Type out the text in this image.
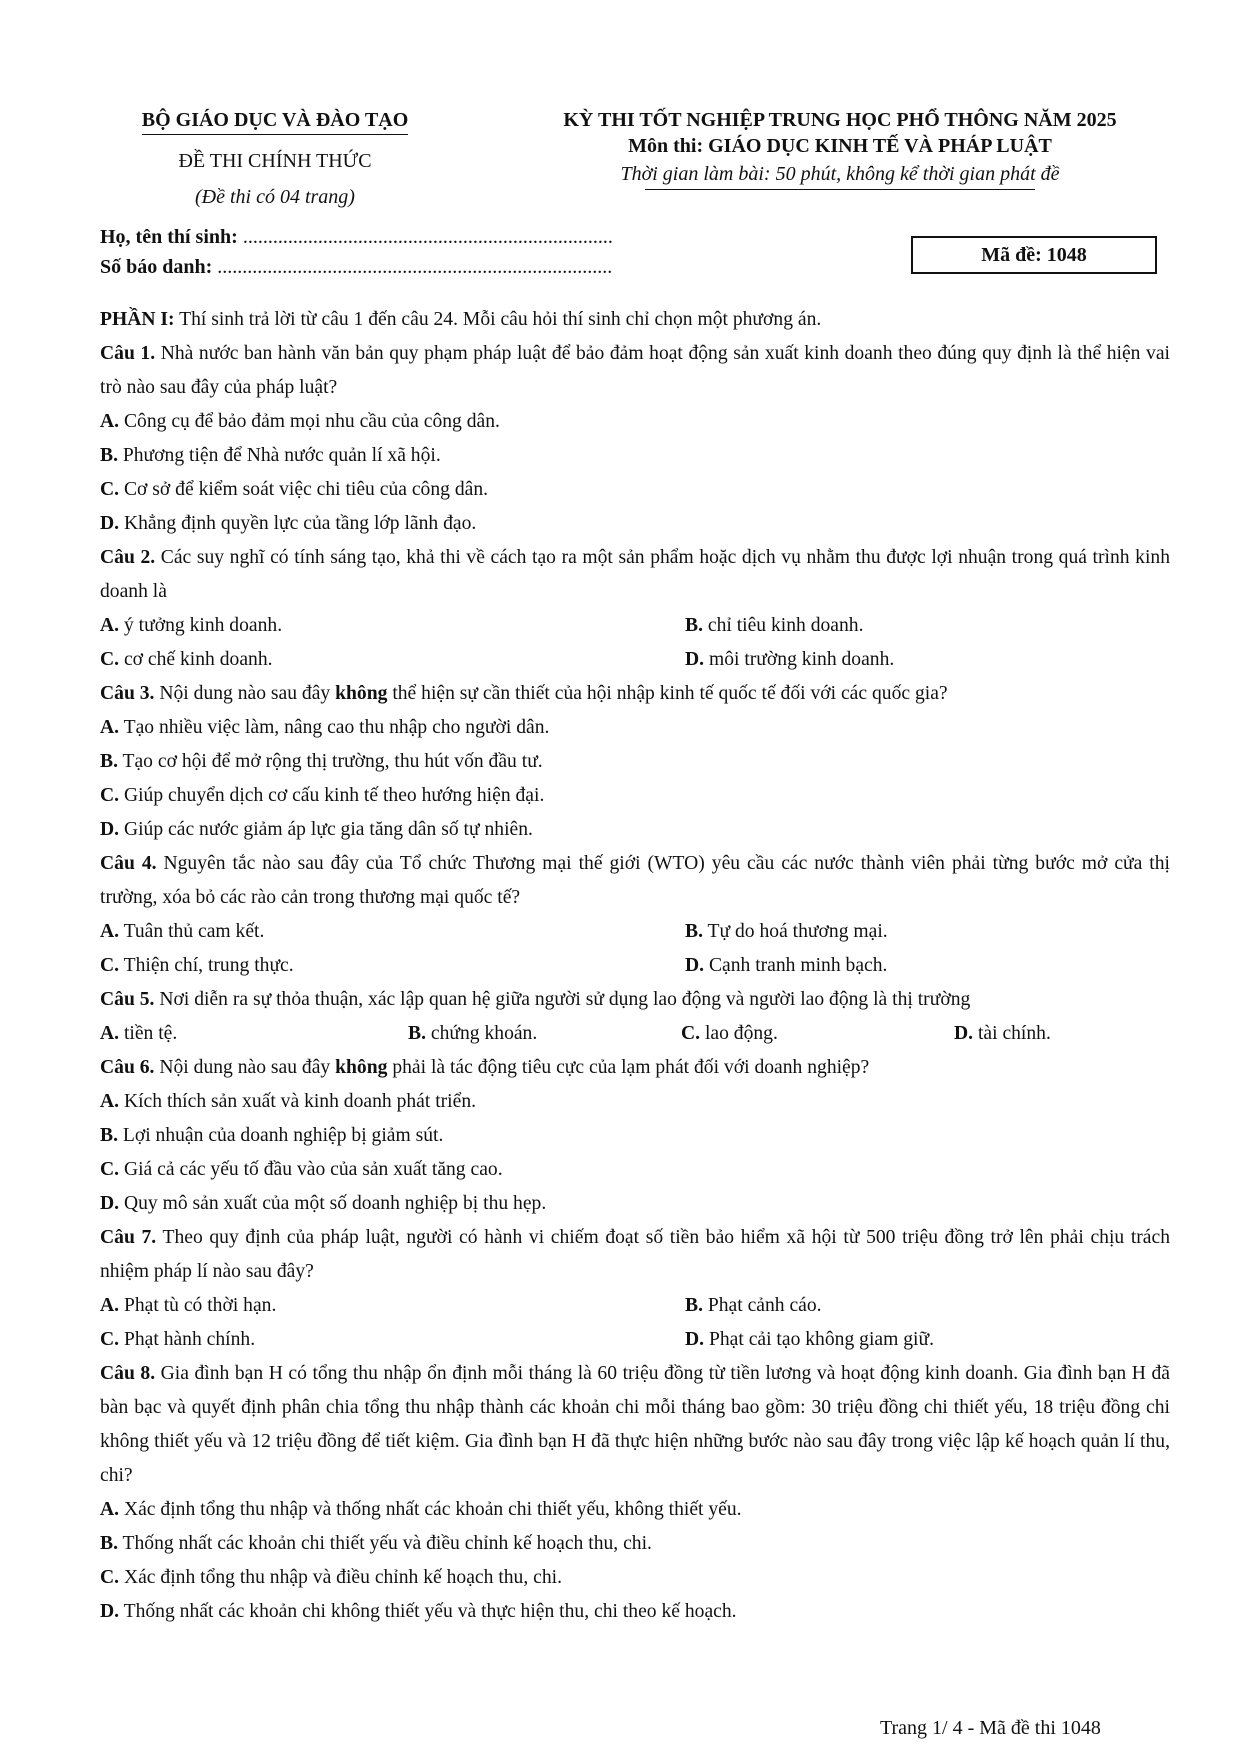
BỘ GIÁO DỤC VÀ ĐÀO TẠO
ĐỀ THI CHÍNH THỨC
(Đề thi có 04 trang)
KỲ THI TỐT NGHIỆP TRUNG HỌC PHỔ THÔNG NĂM 2025
Môn thi: GIÁO DỤC KINH TẾ VÀ PHÁP LUẬT
Thời gian làm bài: 50 phút, không kể thời gian phát đề
Họ, tên thí sinh: ..........................................................................
Số báo danh: ...............................................................................
Mã đề: 1048
PHẦN I: Thí sinh trả lời từ câu 1 đến câu 24. Mỗi câu hỏi thí sinh chỉ chọn một phương án.
Câu 1. Nhà nước ban hành văn bản quy phạm pháp luật để bảo đảm hoạt động sản xuất kinh doanh theo đúng quy định là thể hiện vai trò nào sau đây của pháp luật?
A. Công cụ để bảo đảm mọi nhu cầu của công dân.
B. Phương tiện để Nhà nước quản lí xã hội.
C. Cơ sở để kiểm soát việc chi tiêu của công dân.
D. Khẳng định quyền lực của tầng lớp lãnh đạo.
Câu 2. Các suy nghĩ có tính sáng tạo, khả thi về cách tạo ra một sản phẩm hoặc dịch vụ nhằm thu được lợi nhuận trong quá trình kinh doanh là
A. ý tưởng kinh doanh.	B. chỉ tiêu kinh doanh.
C. cơ chế kinh doanh.	D. môi trường kinh doanh.
Câu 3. Nội dung nào sau đây không thể hiện sự cần thiết của hội nhập kinh tế quốc tế đối với các quốc gia?
A. Tạo nhiều việc làm, nâng cao thu nhập cho người dân.
B. Tạo cơ hội để mở rộng thị trường, thu hút vốn đầu tư.
C. Giúp chuyển dịch cơ cấu kinh tế theo hướng hiện đại.
D. Giúp các nước giảm áp lực gia tăng dân số tự nhiên.
Câu 4. Nguyên tắc nào sau đây của Tổ chức Thương mại thế giới (WTO) yêu cầu các nước thành viên phải từng bước mở cửa thị trường, xóa bỏ các rào cản trong thương mại quốc tế?
A. Tuân thủ cam kết.	B. Tự do hoá thương mại.
C. Thiện chí, trung thực.	D. Cạnh tranh minh bạch.
Câu 5. Nơi diễn ra sự thỏa thuận, xác lập quan hệ giữa người sử dụng lao động và người lao động là thị trường
A. tiền tệ.	B. chứng khoán.	C. lao động.	D. tài chính.
Câu 6. Nội dung nào sau đây không phải là tác động tiêu cực của lạm phát đối với doanh nghiệp?
A. Kích thích sản xuất và kinh doanh phát triển.
B. Lợi nhuận của doanh nghiệp bị giảm sút.
C. Giá cả các yếu tố đầu vào của sản xuất tăng cao.
D. Quy mô sản xuất của một số doanh nghiệp bị thu hẹp.
Câu 7. Theo quy định của pháp luật, người có hành vi chiếm đoạt số tiền bảo hiểm xã hội từ 500 triệu đồng trở lên phải chịu trách nhiệm pháp lí nào sau đây?
A. Phạt tù có thời hạn.	B. Phạt cảnh cáo.
C. Phạt hành chính.	D. Phạt cải tạo không giam giữ.
Câu 8. Gia đình bạn H có tổng thu nhập ổn định mỗi tháng là 60 triệu đồng từ tiền lương và hoạt động kinh doanh. Gia đình bạn H đã bàn bạc và quyết định phân chia tổng thu nhập thành các khoản chi mỗi tháng bao gồm: 30 triệu đồng chi thiết yếu, 18 triệu đồng chi không thiết yếu và 12 triệu đồng để tiết kiệm. Gia đình bạn H đã thực hiện những bước nào sau đây trong việc lập kế hoạch quản lí thu, chi?
A. Xác định tổng thu nhập và thống nhất các khoản chi thiết yếu, không thiết yếu.
B. Thống nhất các khoản chi thiết yếu và điều chỉnh kế hoạch thu, chi.
C. Xác định tổng thu nhập và điều chỉnh kế hoạch thu, chi.
D. Thống nhất các khoản chi không thiết yếu và thực hiện thu, chi theo kế hoạch.
Trang 1/ 4 - Mã đề thi 1048
